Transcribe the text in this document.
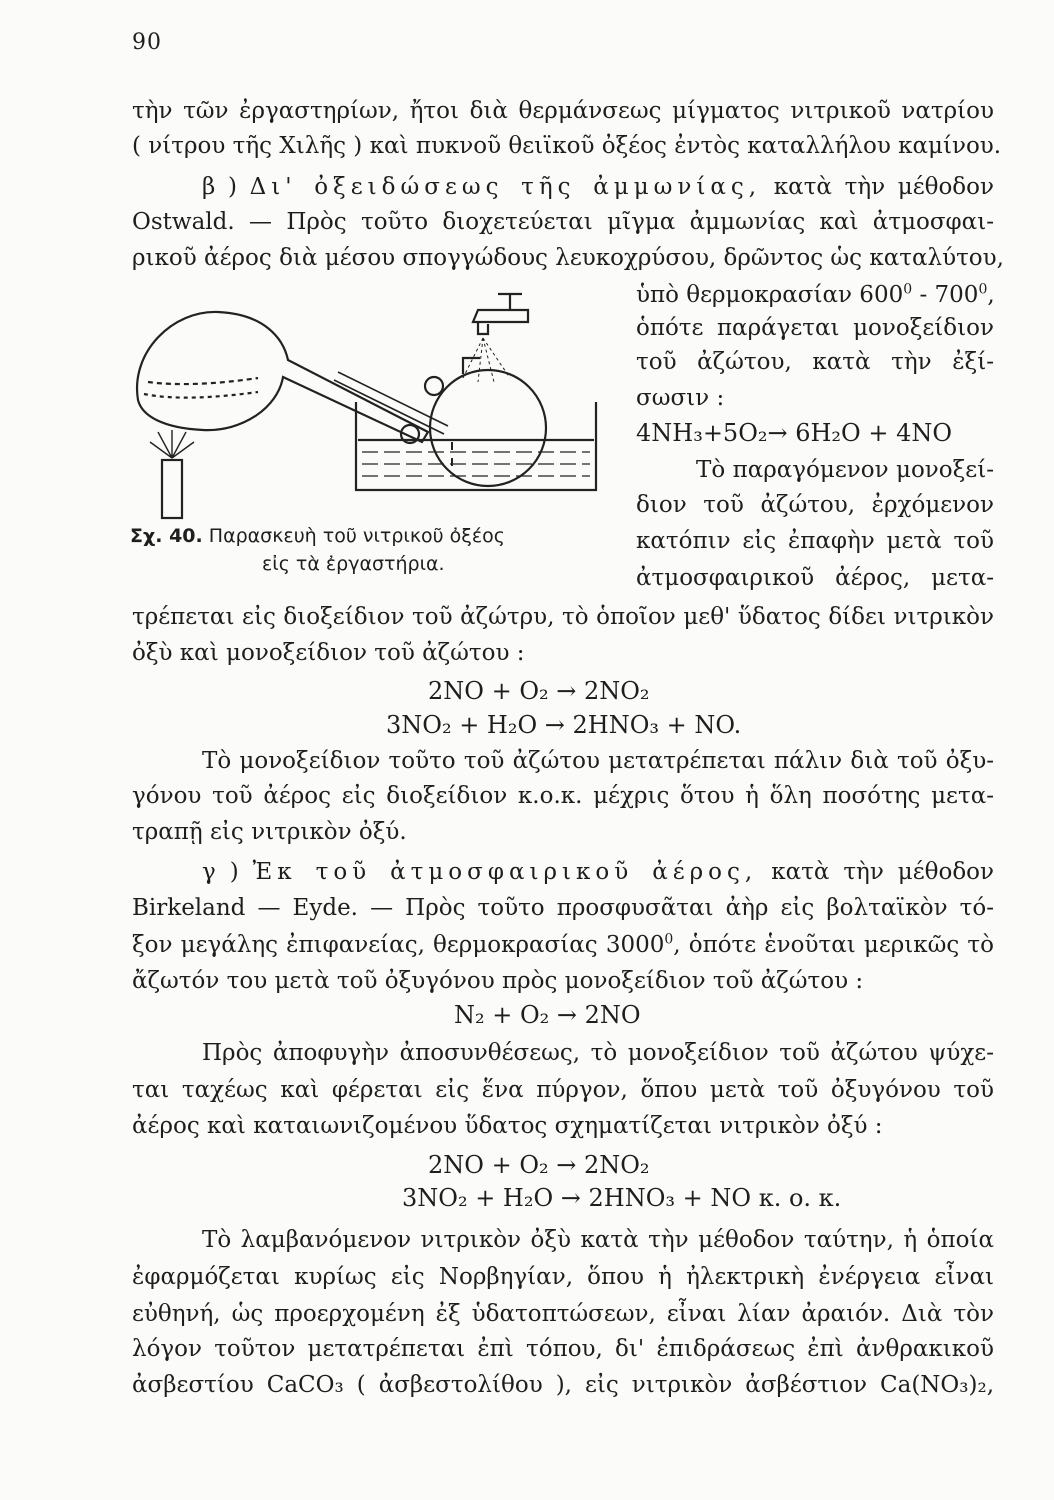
90
τὴν τῶν ἐργαστηρίων, ἤτοι διὰ θερμάνσεως μίγματος νιτρικοῦ νατρίου
( νίτρου τῆς Χιλῆς ) καὶ πυκνοῦ θειϊκοῦ ὀξέος ἐντὸς καταλλήλου καμίνου.
β ) Δι' ὀξειδώσεως τῆς ἀμμωνίας, κατὰ τὴν μέθοδον
Ostwald. — Πρὸς τοῦτο διοχετεύεται μῖγμα ἀμμωνίας καὶ ἀτμοσφαι-
ρικοῦ ἀέρος διὰ μέσου σπογγώδους λευκοχρύσου, δρῶντος ὡς καταλύτου,
ὑπὸ θερμοκρασίαν $600^0 - 700^0$,
ὁπότε παράγεται μονοξείδιον
τοῦ ἀζώτου, κατὰ τὴν ἐξί-
σωσιν :
4NH₃+5O₂→ 6H₂O + 4NO
Τὸ παραγόμενον μονοξεί-
διον τοῦ ἀζώτου, ἐρχόμενον
κατόπιν εἰς ἐπαφὴν μετὰ τοῦ
ἀτμοσφαιρικοῦ ἀέρος, μετα-
Σχ. 40. Παρασκευὴ τοῦ νιτρικοῦ ὀξέος
εἰς τὰ ἐργαστήρια.
τρέπεται εἰς διοξείδιον τοῦ ἀζώτρυ, τὸ ὁποῖον μεθ' ὕδατος δίδει νιτρικὸν
ὀξὺ καὶ μονοξείδιον τοῦ ἀζώτου :
2NO + O₂ → 2NO₂
3NO₂ + H₂O → 2HNO₃ + NO.
Τὸ μονοξείδιον τοῦτο τοῦ ἀζώτου μετατρέπεται πάλιν διὰ τοῦ ὀξυ-
γόνου τοῦ ἀέρος εἰς διοξείδιον κ.ο.κ. μέχρις ὅτου ἡ ὅλη ποσότης μετα-
τραπῇ εἰς νιτρικὸν ὀξύ.
γ ) Ἐκ τοῦ ἀτμοσφαιρικοῦ ἀέρος, κατὰ τὴν μέθοδον
Birkeland — Eyde. — Πρὸς τοῦτο προσφυσᾶται ἀὴρ εἰς βολταϊκὸν τό-
ξον μεγάλης ἐπιφανείας, θερμοκρασίας 3000$^0$, ὁπότε ἑνοῦται μερικῶς τὸ
ἄζωτόν του μετὰ τοῦ ὀξυγόνου πρὸς μονοξείδιον τοῦ ἀζώτου :
N₂ + O₂ → 2NO
Πρὸς ἀποφυγὴν ἀποσυνθέσεως, τὸ μονοξείδιον τοῦ ἀζώτου ψύχε-
ται ταχέως καὶ φέρεται εἰς ἕνα πύργον, ὅπου μετὰ τοῦ ὀξυγόνου τοῦ
ἀέρος καὶ καταιωνιζομένου ὕδατος σχηματίζεται νιτρικὸν ὀξύ :
2NO + O₂ → 2NO₂
3NO₂ + H₂O → 2HNO₃ + NO κ. ο. κ.
Τὸ λαμβανόμενον νιτρικὸν ὀξὺ κατὰ τὴν μέθοδον ταύτην, ἡ ὁποία
ἐφαρμόζεται κυρίως εἰς Νορβηγίαν, ὅπου ἡ ἠλεκτρικὴ ἐνέργεια εἶναι
εὐθηνή, ὡς προερχομένη ἐξ ὑδατοπτώσεων, εἶναι λίαν ἀραιόν. Διὰ τὸν
λόγον τοῦτον μετατρέπεται ἐπὶ τόπου, δι' ἐπιδράσεως ἐπὶ ἀνθρακικοῦ
ἀσβεστίου CaCO₃ ( ἀσβεστολίθου ), εἰς νιτρικὸν ἀσβέστιον Ca(NO₃)₂,
